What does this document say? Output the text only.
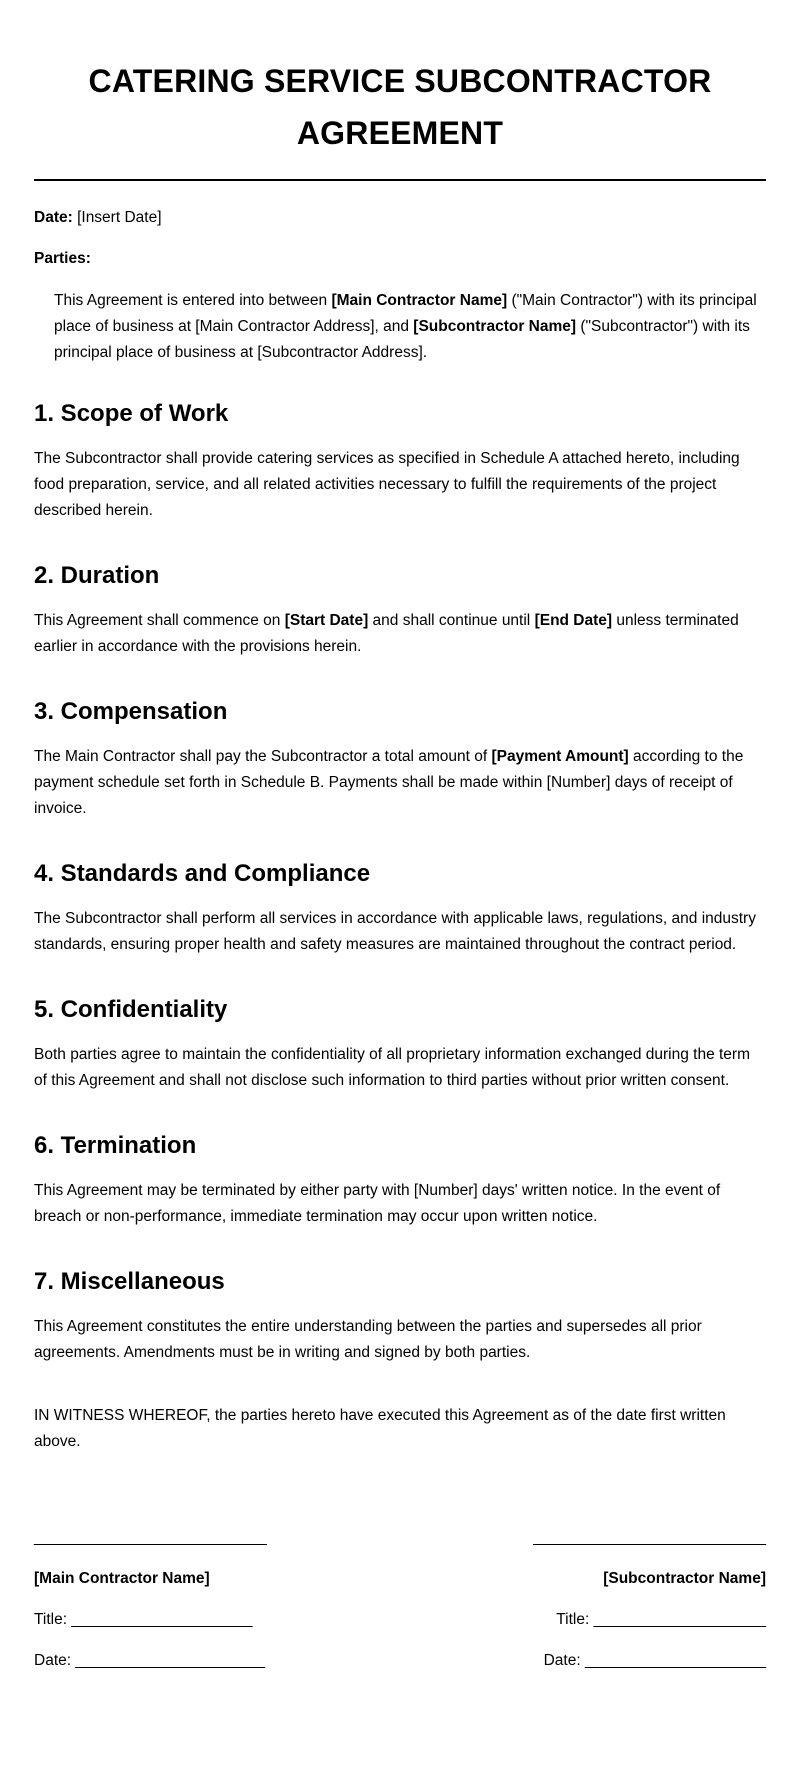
CATERING SERVICE SUBCONTRACTOR AGREEMENT

Date: [Insert Date]

Parties:

This Agreement is entered into between [Main Contractor Name] ("Main Contractor") with its principal place of business at [Main Contractor Address], and [Subcontractor Name] ("Subcontractor") with its principal place of business at [Subcontractor Address].

1. Scope of Work

The Subcontractor shall provide catering services as specified in Schedule A attached hereto, including food preparation, service, and all related activities necessary to fulfill the requirements of the project described herein.

2. Duration

This Agreement shall commence on [Start Date] and shall continue until [End Date] unless terminated earlier in accordance with the provisions herein.

3. Compensation

The Main Contractor shall pay the Subcontractor a total amount of [Payment Amount] according to the payment schedule set forth in Schedule B. Payments shall be made within [Number] days of receipt of invoice.

4. Standards and Compliance

The Subcontractor shall perform all services in accordance with applicable laws, regulations, and industry standards, ensuring proper health and safety measures are maintained throughout the contract period.

5. Confidentiality

Both parties agree to maintain the confidentiality of all proprietary information exchanged during the term of this Agreement and shall not disclose such information to third parties without prior written consent.

6. Termination

This Agreement may be terminated by either party with [Number] days' written notice. In the event of breach or non-performance, immediate termination may occur upon written notice.

7. Miscellaneous

This Agreement constitutes the entire understanding between the parties and supersedes all prior agreements. Amendments must be in writing and signed by both parties.

IN WITNESS WHEREOF, the parties hereto have executed this Agreement as of the date first written above.

___________________________

[Main Contractor Name]

Title: _____________________

Date: ______________________

___________________________

[Subcontractor Name]

Title: ____________________

Date: _____________________
